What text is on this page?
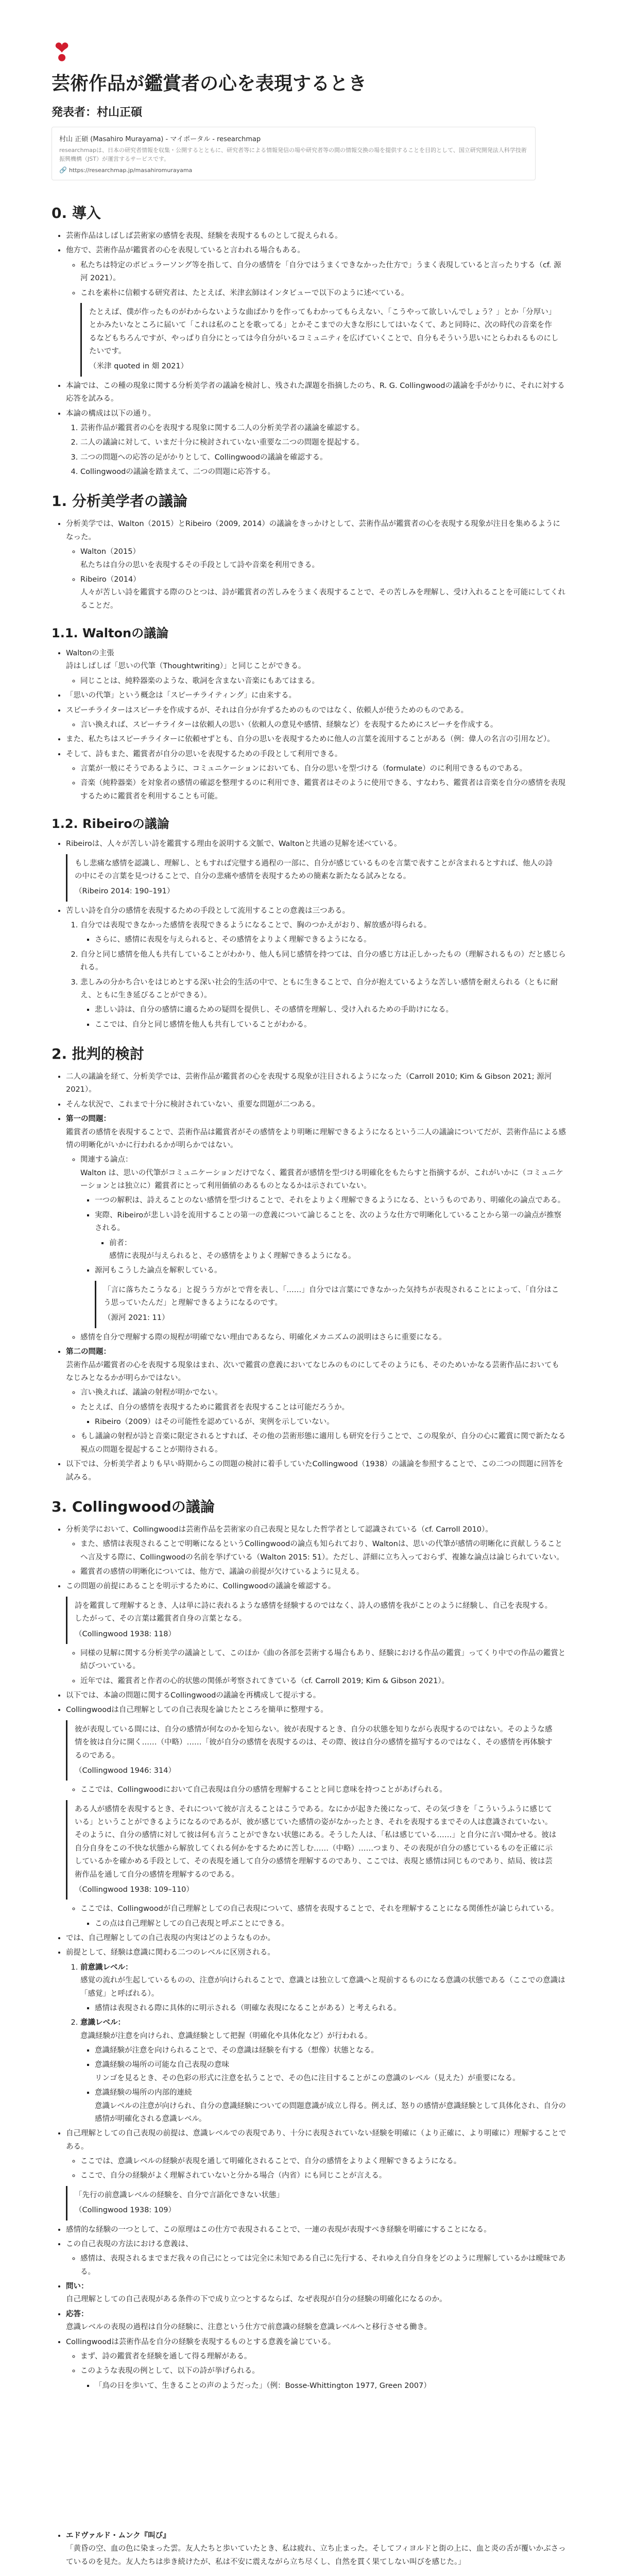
❣
芸術作品が鑑賞者の心を表現するとき
発表者：村山正碩
村山 正碩 (Masahiro Murayama) - マイポータル - researchmap
researchmapは、日本の研究者情報を収集・公開するとともに、研究者等による情報発信の場や研究者等の間の情報交換の場を提供することを目的として、国立研究開発法人科学技術振興機構（JST）が運営するサービスです。
🔗 https://researchmap.jp/masahiromurayama
0. 導入
• 芸術作品はしばしば芸術家の感情を表現、経験を表現するものとして捉えられる。
• 他方で、芸術作品が鑑賞者の心を表現していると言われる場合もある。
◦ 私たちは特定のポピュラーソング等を指して、自分の感情を「自分ではうまくできなかった仕方で」うまく表現していると言ったりする（cf. 源河 2021）。
◦ これを素朴に信頼する研究者は、たとえば、米津玄師はインタビューで以下のように述べている。

たとえば、僕が作ったものがわからないような曲ばかりを作ってもわかってもらえない、「こうやって欲しいんでしょう？」とか「分厚い」とかみたいなところに届いて「これは私のことを歌ってる」とかそこまでの大きな形にしてはいなくて、あと同時に、次の時代の音楽を作るなどもちろんですが、やっぱり自分にとっては今自分がいるコミュニティを広げていくことで、自分もそういう思いにとらわれるものにしたいです。

（米津 quoted in 畑 2021）

• 本論では、この種の現象に関する分析美学者の議論を検討し、残された課題を指摘したのち、R. G. Collingwoodの議論を手がかりに、それに対する応答を試みる。
• 本論の構成は以下の通り。
1. 芸術作品が鑑賞者の心を表現する現象に関する二人の分析美学者の議論を確認する。
2. 二人の議論に対して、いまだ十分に検討されていない重要な二つの問題を提起する。
3. 二つの問題への応答の足がかりとして、Collingwoodの議論を確認する。
4. Collingwoodの議論を踏まえて、二つの問題に応答する。
1. 分析美学者の議論
• 分析美学では、Walton（2015）とRibeiro（2009, 2014）の議論をきっかけとして、芸術作品が鑑賞者の心を表現する現象が注目を集めるようになった。
◦ Walton（2015）
私たちは自分の思いを表現するその手段として詩や音楽を利用できる。
◦ Ribeiro（2014）
人々が苦しい詩を鑑賞する際のひとつは、詩が鑑賞者の苦しみをうまく表現することで、その苦しみを理解し、受け入れることを可能にしてくれることだ。
1.1. Waltonの議論
• Waltonの主張
詩はしばしば「思いの代筆（Thoughtwriting）」と同じことができる。
◦ 同じことは、純粋器楽のような、歌詞を含まない音楽にもあてはまる。
• 「思いの代筆」という概念は「スピーチライティング」に由来する。
• スピーチライターはスピーチを作成するが、それは自分が弁ずるためのものではなく、依頼人が使うためのものである。
◦ 言い換えれば、スピーチライターは依頼人の思い（依頼人の意見や感情、経験など）を表現するためにスピーチを作成する。
• また、私たちはスピーチライターに依頼せずとも、自分の思いを表現するために他人の言葉を流用することがある（例：偉人の名言の引用など）。
• そして、詩もまた、鑑賞者が自分の思いを表現するための手段として利用できる。
◦ 言葉が一般にそうであるように、コミュニケーションにおいても、自分の思いを型づける（formulate）のに利用できるものである。
◦ 音楽（純粋器楽）を対象者の感情の確認を整理するのに利用でき、鑑賞者はそのように使用できる、すなわち、鑑賞者は音楽を自分の感情を表現するために鑑賞者を利用することも可能。
1.2. Ribeiroの議論
• Ribeiroは、人々が苦しい詩を鑑賞する理由を説明する文脈で、Waltonと共通の見解を述べている。

もし悲痛な感情を認識し、理解し、ともすれば完璧する過程の一部に、自分が感じているものを言葉で表すことが含まれるとすれば、他人の詩の中にその言葉を見つけることで、自分の悲痛や感情を表現するための簡素な新たなる試みとなる。

（Ribeiro 2014: 190–191）

• 苦しい詩を自分の感情を表現するための手段として流用することの意義は三つある。
1. 自分では表現できなかった感情を表現できるようになることで、胸のつかえがおり、解放感が得られる。
▪ さらに、感情に表現を与えられると、その感情をよりよく理解できるようになる。
2. 自分と同じ感情を他人も共有していることがわかり、他人も同じ感情を持つては、自分の感じ方は正しかったもの（理解されるもの）だと感じられる。
3. 悲しみの分かち合いをはじめとする深い社会的生活の中で、ともに生きることで、自分が抱えているような苦しい感情を耐えられる（ともに耐え、ともに生き延びることができる）。
▪ 悲しい詩は、自分の感情に適るための疑問を提供し、その感情を理解し、受け入れるための手助けになる。
▪ ここでは、自分と同じ感情を他人も共有していることがわかる。
2. 批判的検討
• 二人の議論を経て、分析美学では、芸術作品が鑑賞者の心を表現する現象が注目されるようになった（Carroll 2010; Kim & Gibson 2021; 源河 2021）。
• そんな状況で、これまで十分に検討されていない、重要な問題が二つある。
• 第一の問題：
鑑賞者の感情を表現することで、芸術作品は鑑賞者がその感情をより明晰に理解できるようになるという二人の議論についてだが、芸術作品による感情の明晰化がいかに行われるかが明らかではない。
◦ 関連する論点：
Walton は、思いの代筆がコミュニケーションだけでなく、鑑賞者が感情を型づける明確化をもたらすと指摘するが、これがいかに（コミュニケーションとは独立に）鑑賞者にとって利用価値のあるものとなるかは示されていない。
▪ 一つの解釈は、詩えることのない感情を型づけることで、それをよりよく理解できるようになる、というものであり、明確化の論点である。
▪ 実際、Ribeiroが悲しい詩を流用することの第一の意義について論じることを、次のような仕方で明晰化していることから第一の論点が推察される。
▪ 前者：
感情に表現が与えられると、その感情をよりよく理解できるようになる。
▪ 源河もこうした論点を解釈している。

「言に落ちたこうなる」と捉うう方がとで背を表し、「……」自分では言葉にできなかった気持ちが表現されることによって、「自分はこう思っていたんだ」と理解できるようになるのです。

（源河 2021: 11）

◦ 感情を自分で理解する際の規程が明確でない理由であるなら、明確化メカニズムの説明はさらに重要になる。
• 第二の問題：
芸術作品が鑑賞者の心を表現する現象はまれ、次いで鑑賞の意義においてなじみのものにしてそのようにも、そのためいかなる芸術作品においてもなじみとなるかが明らかではない。
◦ 言い換えれば、議論の射程が明かでない。
◦ たとえば、自分の感情を表現するために鑑賞者を表現することは可能だろうか。
▪ Ribeiro（2009）はその可能性を認めているが、実例を示していない。
◦ もし議論の射程が詩と音楽に限定されるとすれば、その他の芸術形態に適用しも研究を行うことで、この現象が、自分の心に鑑賞に関で新たなる視点の問題を提起することが期待される。
• 以下では、分析美学者よりも早い時期からこの問題の検討に着手していたCollingwood（1938）の議論を参照することで、この二つの問題に回答を試みる。
3. Collingwoodの議論
• 分析美学において、Collingwoodは芸術作品を芸術家の自己表現と見なした哲学者として認識されている（cf. Carroll 2010）。
◦ また、感情は表現されることで明晰になるというCollingwoodの論点も知られており、Waltonは、思いの代筆が感情の明晰化に貢献しうることへ言及する際に、Collingwoodの名前を挙げている（Walton 2015: 51）。ただし、詳細に立ち入っておらず、複雑な論点は論じられていない。
◦ 鑑賞者の感情の明晰化については、他方で、議論の前提が欠けているように見える。
• この問題の前提にあることを明示するために、Collingwoodの議論を確認する。

詩を鑑賞して理解するとき、人は単に詩に表れるような感情を経験するのではなく、詩人の感情を我がことのように経験し、自己を表現する。したがって、その言葉は鑑賞者自身の言葉となる。

（Collingwood 1938: 118）

◦ 同様の見解に関する分析美学の議論として、このほか《曲の各部を芸術する場合もあり、経験における作品の鑑賞」ってくり中での作品の鑑賞と結びついている。
◦ 近年では、鑑賞者と作者の心的状態の関係が考察されてきている（cf. Carroll 2019; Kim & Gibson 2021）。
• 以下では、本論の問題に関するCollingwoodの議論を再構成して提示する。
• Collingwoodは自己理解としての自己表現を論じたところを簡単に整理する。

彼が表現している間には、自分の感情が何なのかを知らない。彼が表現するとき、自分の状態を知りながら表現するのではない。そのような感情を彼は自分に開く……（中略）……「彼が自分の感情を表現するのは、その際、彼は自分の感情を描写するのではなく、その感情を再体験するのである。

（Collingwood 1946: 314）

◦ ここでは、Collingwoodにおいて自己表現は自分の感情を理解することと同じ意味を持つことがあげられる。

ある人が感情を表現するとき、それについて彼が言えることはこうである。なにかが起きた後になって、その気づきを「こういうふうに感じている」ということができるようになるのであるが、彼が感じていた感情の姿がなかったとき、それを表現するまでその人は意識されていない。そのように、自分の感情に対して彼は何も言うことができない状態にある。そうした人は、「私は感じている……」と自分に言い聞かせる。彼は自分自身をこの不快な状態から解放してくれる何かをするために苦しむ……（中略）……つまり、その表現が自分の感じているものを正確に示しているかを確かめる手段として、その表現を通して自分の感情を理解するのであり、ここでは、表現と感情は同じものであり、結局、彼は芸術作品を通して自分の感情を理解するのである。

（Collingwood 1938: 109–110）

◦ ここでは、Collingwoodが自己理解としての自己表現について、感情を表現することで、それを理解することになる関係性が論じられている。
▪ この点は自己理解としての自己表現と呼ぶことにできる。
• では、自己理解としての自己表現の内実はどのようなものか。
• 前提として、経験は意識に関わる二つのレベルに区別される。
1. 前意識レベル：
感覚の流れが生起しているものの、注意が向けられることで、意識とは独立して意識へと現前するものになる意識の状態である（ここでの意識は「感覚」と呼ばれる）。
▪ 感情は表現される際に具体的に明示される（明確な表現になることがある）と考えられる。
2. 意識レベル：
意識経験が注意を向けられ、意識経験として把握（明確化や具体化など）が行われる。
▪ 意識経験が注意を向けられることで、その意識は経験を有する（想像）状態となる。
▪ 意識経験の場所の可能な自己表現の意味
リンゴを見るとき、その色彩の形式に注意を払うことで、その色に注目することがこの意識のレベル（見えた）が重要になる。
▪ 意識経験の場所の内部的連続
意識レベルの注意が向けられ、自分の意識経験についての問題意識が成立し得る。例えば、怒りの感情が意識経験として具体化され、自分の感情が明確化される意識レベル。
• 自己理解としての自己表現の前提は、意識レベルでの表現であり、十分に表現されていない経験を明確に（より正確に、より明確に）理解することである。
◦ ここでは、意識レベルの経験が表現を通して明確化されることで、自分の感情をよりよく理解できるようになる。
◦ ここで、自分の経験がよく理解されていないと分かる場合（内省）にも同じことが言える。

「先行の前意識レベルの経験を、自分で言語化できない状態」

（Collingwood 1938: 109）

• 感情的な経験の一つとして、この原理はこの仕方で表現されることで、一連の表現が表現すべき経験を明確にすることになる。
• この自己表現の方法における意義は、
◦ 感情は、表現されるまでまだ我々の自己にとっては完全に未知である自己に先行する、それゆえ自分自身をどのように理解しているかは曖昧である。
• 問い：
自己理解としての自己表現がある条件の下で成り立つとするならば、なぜ表現が自分の経験の明確化になるのか。
• 応答：
意識レベルの表現の過程は自分の経験に、注意という仕方で前意識の経験を意識レベルへと移行させる働き。
• Collingwoodは芸術作品を自分の経験を表現するものとする意義を論じている。
◦ まず、詩の鑑賞者を経験を通して得る理解がある。
◦ このような表現の例として、以下の詩が挙げられる。
▪ 「鳥の日を歩いて、生きることの声のようだった」（例：Bosse-Whittington 1977, Green 2007）
• エドヴァルド・ムンク『叫び』
「黄昏の空、血の色に染まった雲。友人たちと歩いていたとき、私は疲れ、立ち止まった。そしてフィヨルドと街の上に、血と炎の舌が覆いかぶさっているのを見た。友人たちは歩き続けたが、私は不安に震えながら立ち尽くし、自然を貫く果てしない叫びを感じた。」
